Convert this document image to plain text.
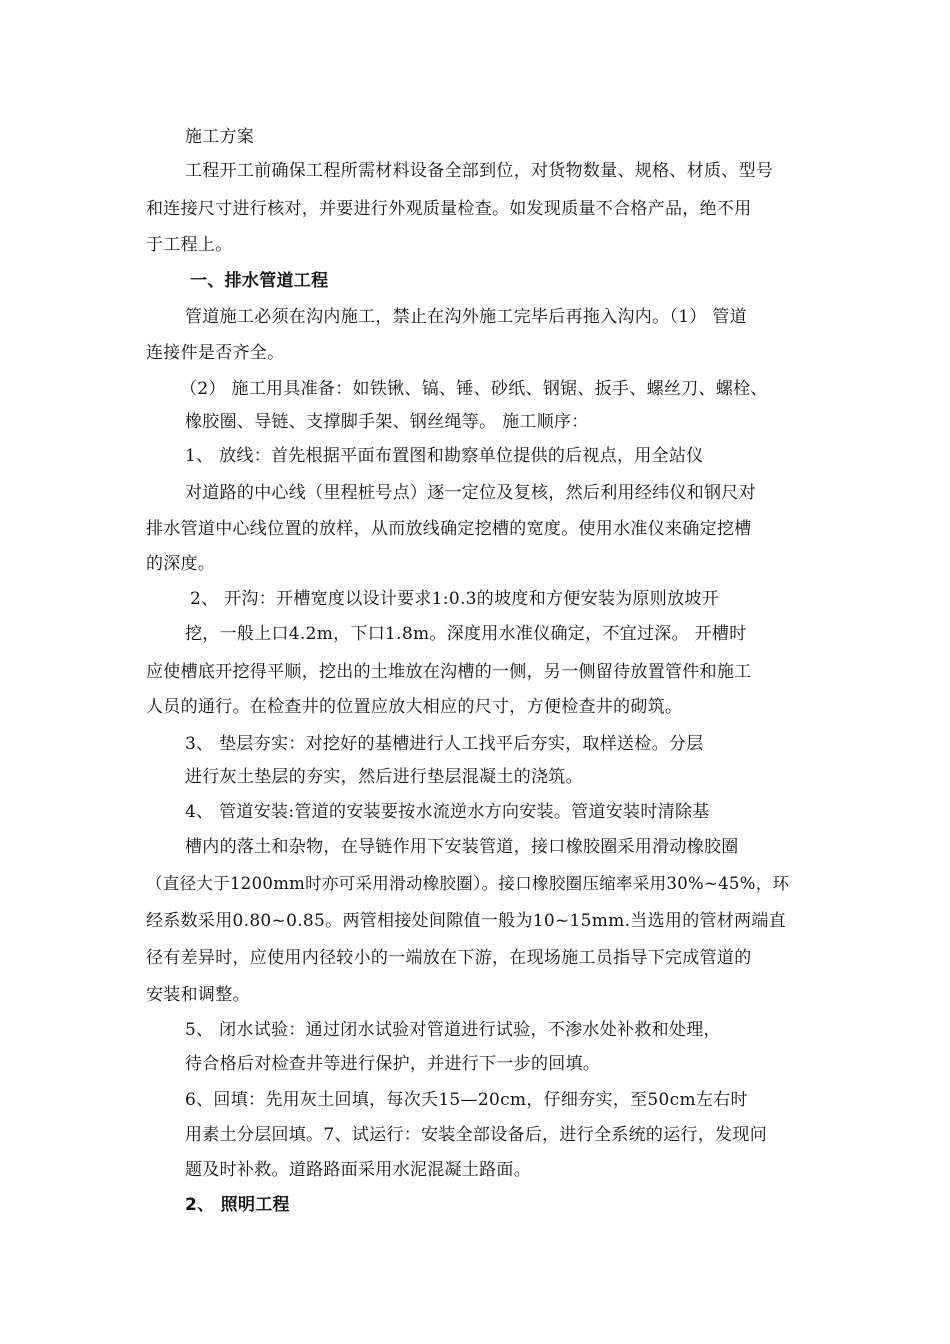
施工方案
工程开工前确保工程所需材料设备全部到位，对货物数量、规格、材质、型号
和连接尺寸进行核对，并要进行外观质量检查。如发现质量不合格产品，绝不用
于工程上。
一、排水管道工程
管道施工必须在沟内施工，禁止在沟外施工完毕后再拖入沟内。（1） 管道
连接件是否齐全。
（2） 施工用具准备：如铁锹、镐、锤、砂纸、钢锯、扳手、螺丝刀、螺栓、
橡胶圈、导链、支撑脚手架、钢丝绳等。 施工顺序：
1、 放线：首先根据平面布置图和勘察单位提供的后视点，用全站仪
对道路的中心线（里程桩号点）逐一定位及复核，然后利用经纬仪和钢尺对
排水管道中心线位置的放样，从而放线确定挖槽的宽度。使用水准仪来确定挖槽
的深度。
2、 开沟：开槽宽度以设计要求1:0.3的坡度和方便安装为原则放坡开
挖，一般上口4.2m，下口1.8m。深度用水准仪确定，不宜过深。 开槽时
应使槽底开挖得平顺，挖出的土堆放在沟槽的一侧，另一侧留待放置管件和施工
人员的通行。在检查井的位置应放大相应的尺寸，方便检查井的砌筑。
3、 垫层夯实：对挖好的基槽进行人工找平后夯实，取样送检。分层
进行灰土垫层的夯实，然后进行垫层混凝土的浇筑。
4、 管道安装:管道的安装要按水流逆水方向安装。管道安装时清除基
槽内的落土和杂物，在导链作用下安装管道，接口橡胶圈采用滑动橡胶圈
（直径大于1200mm时亦可采用滑动橡胶圈）。接口橡胶圈压缩率采用30%~45%，环
经系数采用0.80~0.85。两管相接处间隙值一般为10~15mm.当选用的管材两端直
径有差异时，应使用内径较小的一端放在下游，在现场施工员指导下完成管道的
安装和调整。
5、 闭水试验：通过闭水试验对管道进行试验，不渗水处补救和处理，
待合格后对检查井等进行保护，并进行下一步的回填。
6、回填：先用灰土回填，每次夭15—20cm，仔细夯实，至50cm左右时
用素土分层回填。7、试运行：安装全部设备后，进行全系统的运行，发现问
题及时补救。道路路面采用水泥混凝土路面。
2、 照明工程
